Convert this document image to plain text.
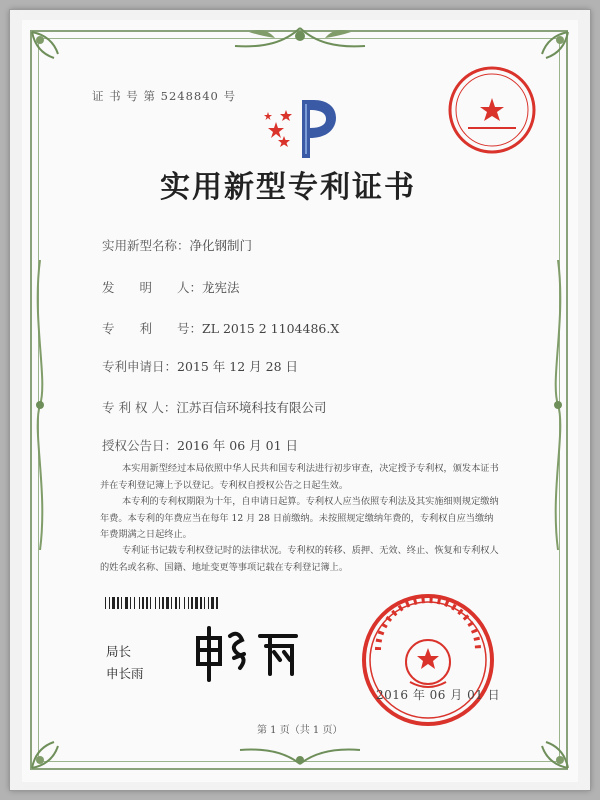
证 书 号 第 5248840 号
实用新型专利证书
实用新型名称：净化钢制门
发　　明　　人：龙宪法
专　　利　　号：ZL 2015 2 1104486.X
专利申请日：2015 年 12 月 28 日
专 利 权 人：江苏百信环境科技有限公司
授权公告日：2016 年 06 月 01 日
本实用新型经过本局依照中华人民共和国专利法进行初步审查，决定授予专利权，颁发本证书并在专利登记簿上予以登记。专利权自授权公告之日起生效。
本专利的专利权期限为十年，自申请日起算。专利权人应当依照专利法及其实施细则规定缴纳年费。本专利的年费应当在每年 12 月 28 日前缴纳。未按照规定缴纳年费的，专利权自应当缴纳年费期满之日起终止。
专利证书记载专利权登记时的法律状况。专利权的转移、质押、无效、终止、恢复和专利权人的姓名或名称、国籍、地址变更等事项记载在专利登记簿上。
局长
申长雨
2016 年 06 月 01 日
第 1 页（共 1 页）
